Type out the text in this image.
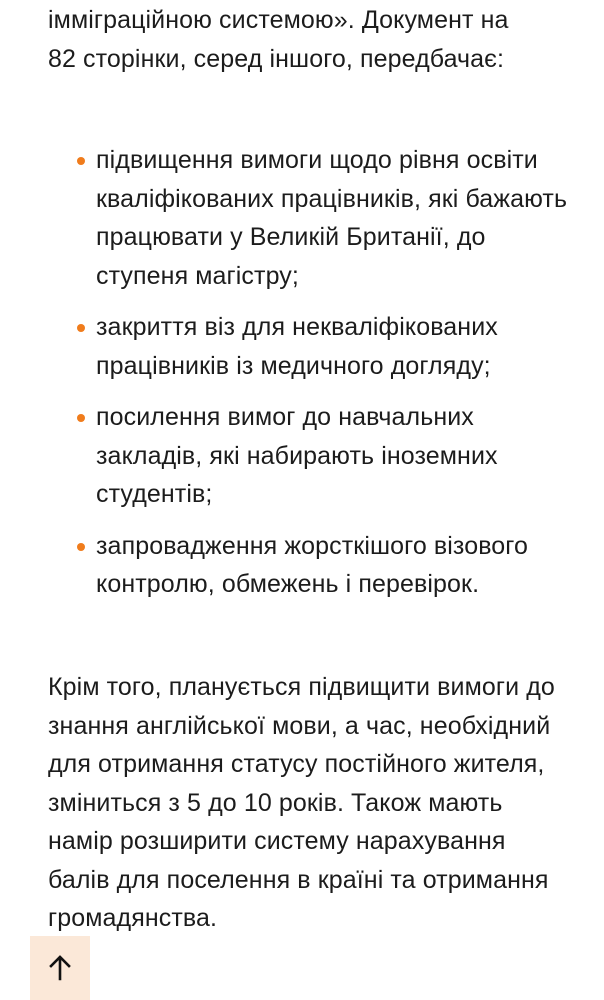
імміграційною системою». Документ на 82 сторінки, серед іншого, передбачає:

підвищення вимоги щодо рівня освіти кваліфікованих працівників, які бажають працювати у Великій Британії, до ступеня магістру;
закриття віз для некваліфікованих працівників із медичного догляду;
посилення вимог до навчальних закладів, які набирають іноземних студентів;
запровадження жорсткішого візового контролю, обмежень і перевірок.

Крім того, планується підвищити вимоги до знання англійської мови, а час, необхідний для отримання статусу постійного жителя, зміниться з 5 до 10 років. Також мають намір розширити систему нарахування балів для поселення в країні та отримання громадянства.
